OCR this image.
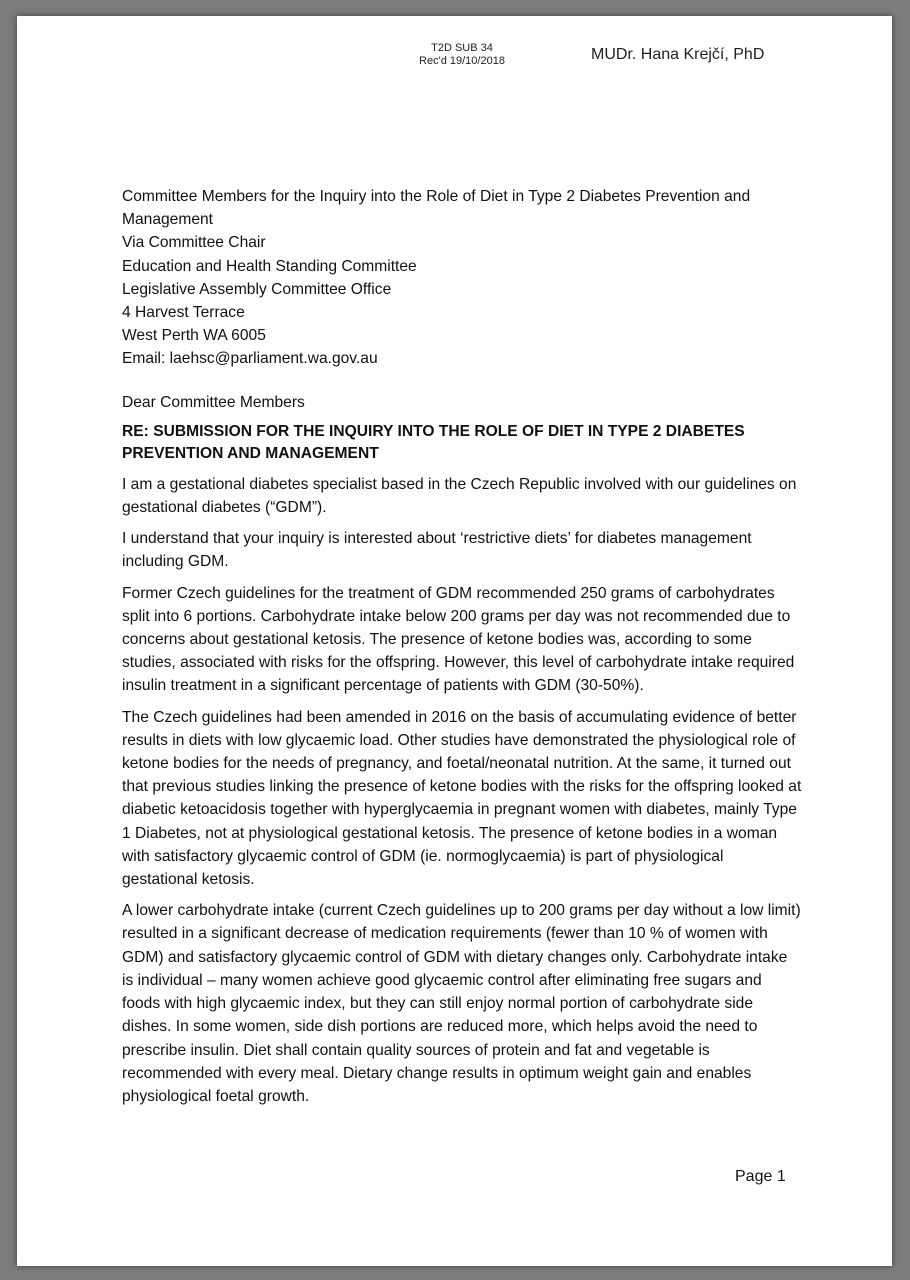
T2D SUB 34
Rec'd 19/10/2018	MUDr. Hana Krejčí, PhD
Committee Members for the Inquiry into the Role of Diet in Type 2 Diabetes Prevention and Management
Via Committee Chair
Education and Health Standing Committee
Legislative Assembly Committee Office
4 Harvest Terrace
West Perth WA 6005
Email: laehsc@parliament.wa.gov.au
Dear Committee Members
RE: SUBMISSION FOR THE INQUIRY INTO THE ROLE OF DIET IN TYPE 2 DIABETES PREVENTION AND MANAGEMENT
I am a gestational diabetes specialist based in the Czech Republic involved with our guidelines on gestational diabetes (“GDM”).
I understand that your inquiry is interested about ‘restrictive diets’ for diabetes management including GDM.
Former Czech guidelines for the treatment of GDM recommended 250 grams of carbohydrates split into 6 portions. Carbohydrate intake below 200 grams per day was not recommended due to concerns about gestational ketosis. The presence of ketone bodies was, according to some studies, associated with risks for the offspring. However, this level of carbohydrate intake required insulin treatment in a significant percentage of patients with GDM (30-50%).
The Czech guidelines had been amended in 2016 on the basis of accumulating evidence of better results in diets with low glycaemic load. Other studies have demonstrated the physiological role of ketone bodies for the needs of pregnancy, and foetal/neonatal nutrition. At the same, it turned out that previous studies linking the presence of ketone bodies with the risks for the offspring looked at diabetic ketoacidosis together with hyperglycaemia in pregnant women with diabetes, mainly Type 1 Diabetes, not at physiological gestational ketosis. The presence of ketone bodies in a woman with satisfactory glycaemic control of GDM (ie. normoglycaemia) is part of physiological gestational ketosis.
A lower carbohydrate intake (current Czech guidelines up to 200 grams per day without a low limit) resulted in a significant decrease of medication requirements (fewer than 10 % of women with GDM) and satisfactory glycaemic control of GDM with dietary changes only. Carbohydrate intake is individual – many women achieve good glycaemic control after eliminating free sugars and foods with high glycaemic index, but they can still enjoy normal portion of carbohydrate side dishes. In some women, side dish portions are reduced more, which helps avoid the need to prescribe insulin. Diet shall contain quality sources of protein and fat and vegetable is recommended with every meal. Dietary change results in optimum weight gain and enables physiological foetal growth.
Page 1
